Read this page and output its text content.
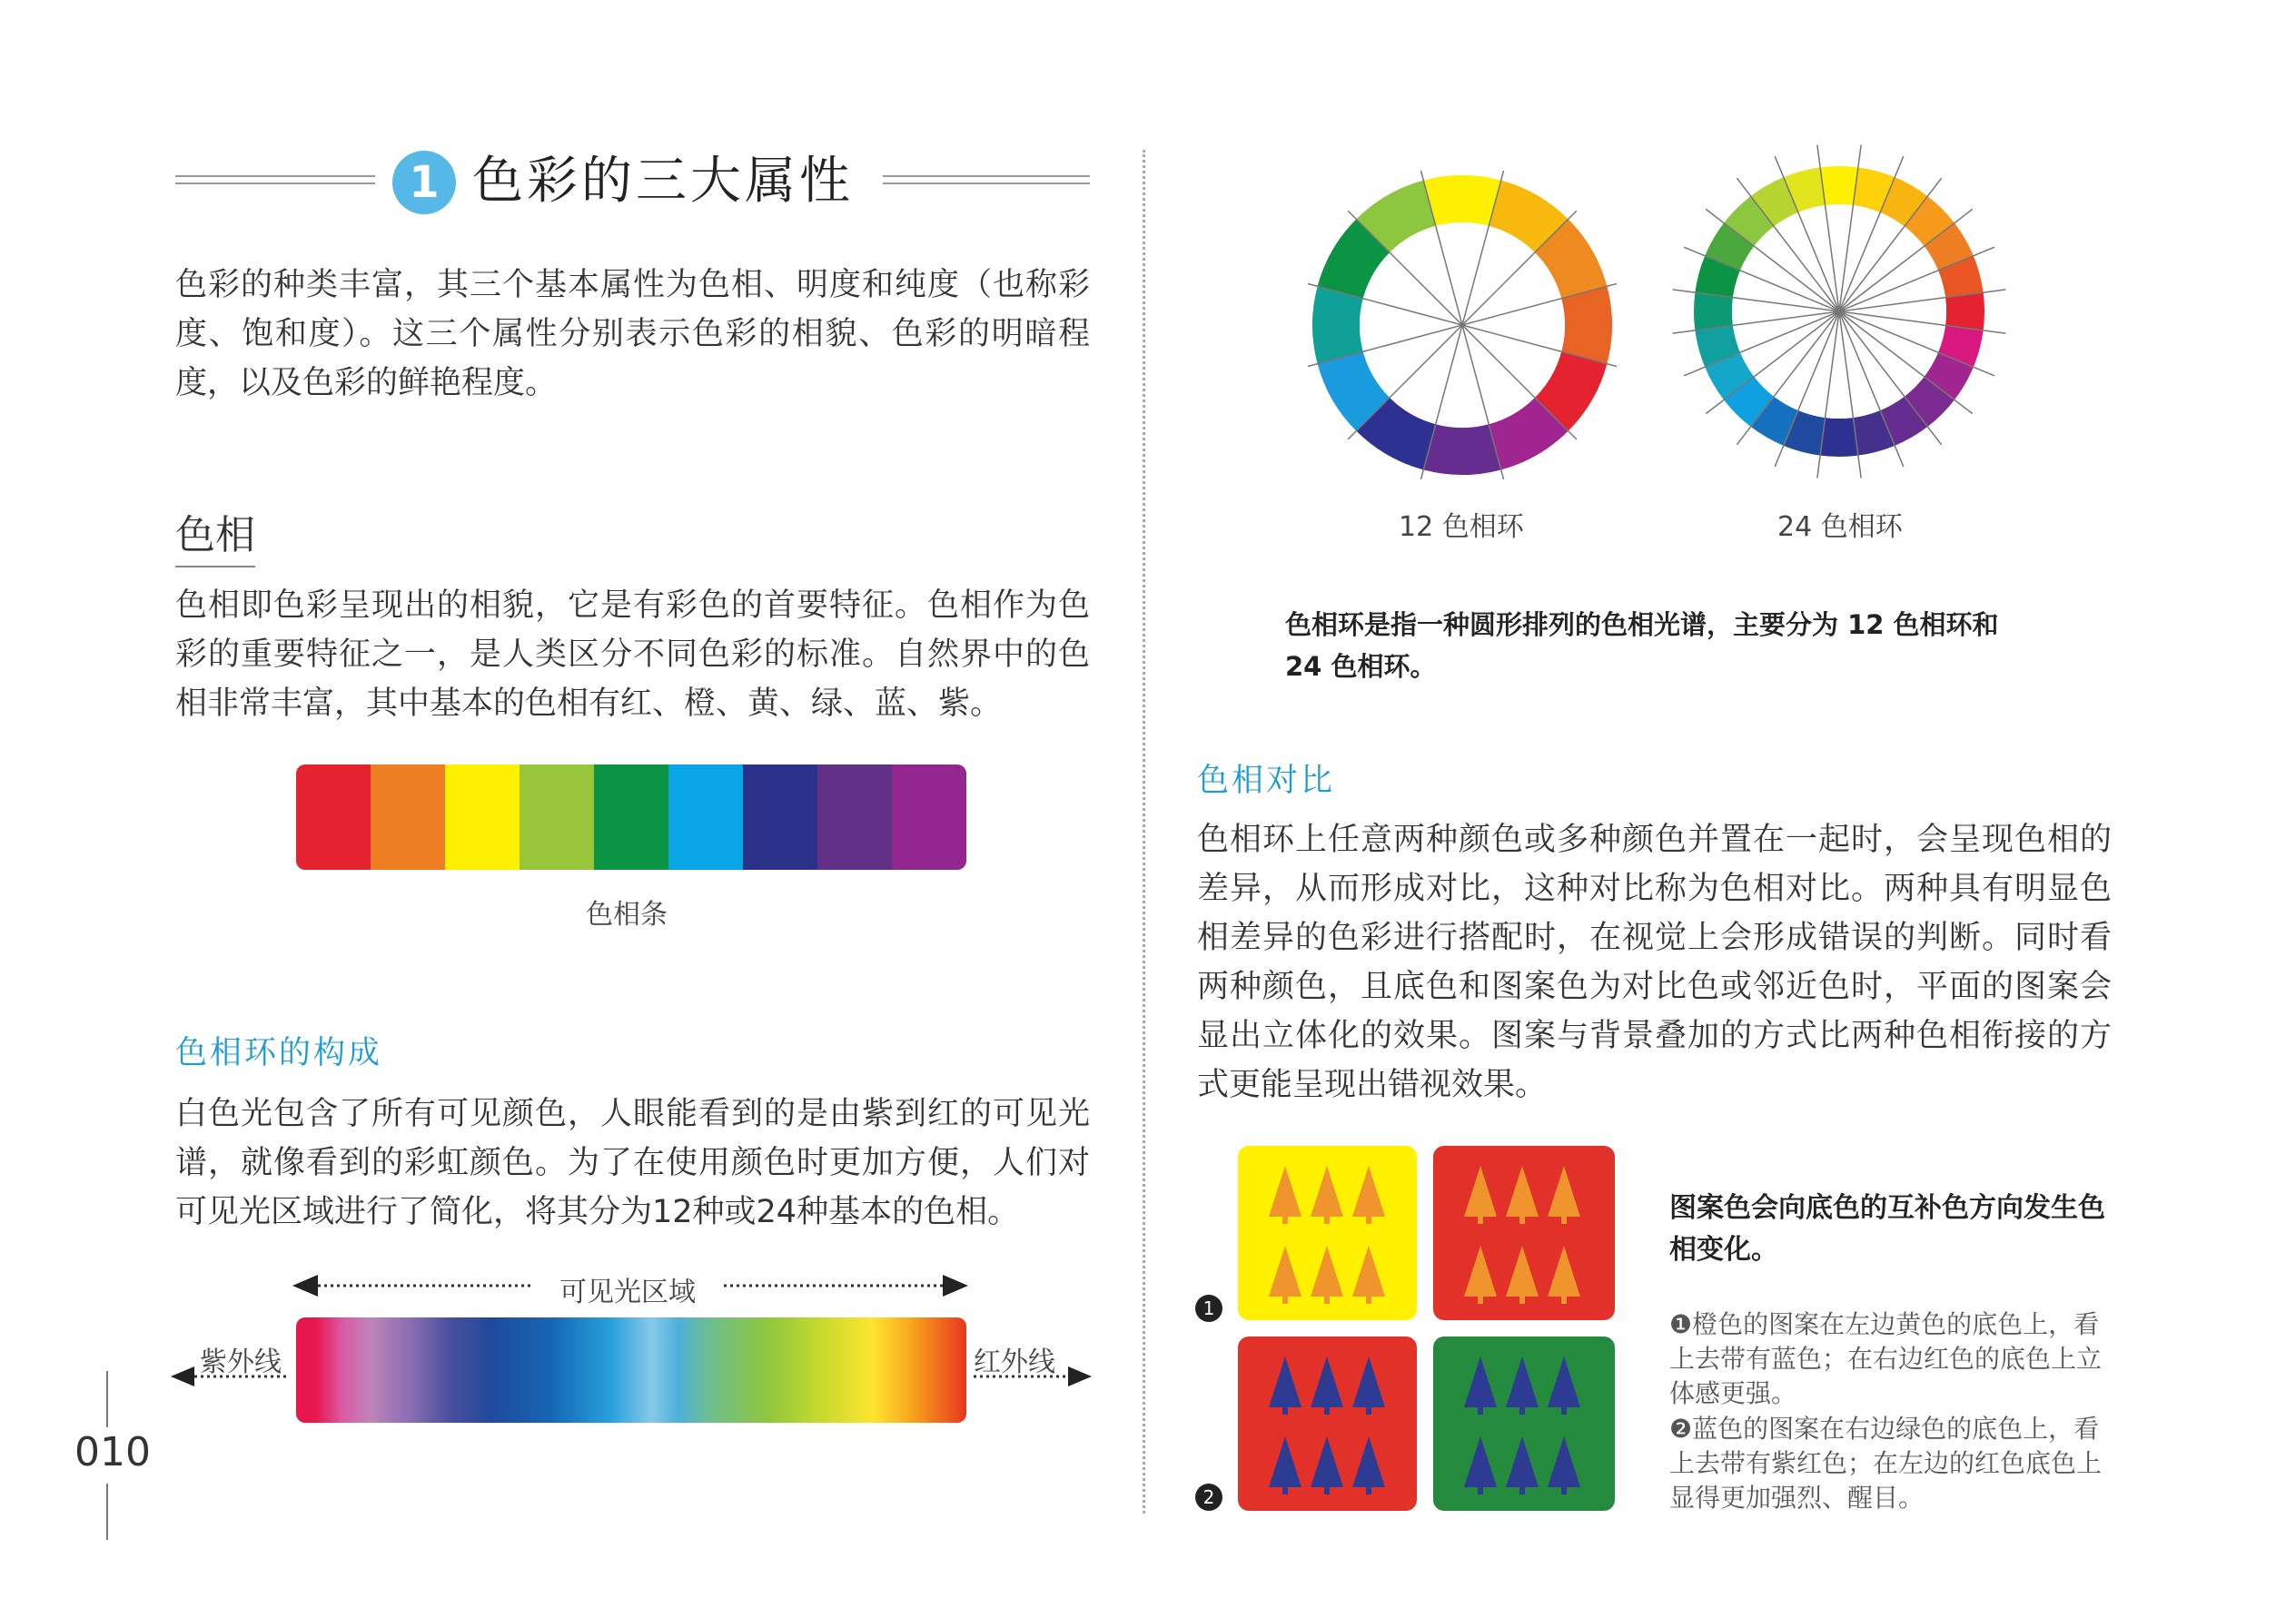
1 色彩的三大属性

色彩的种类丰富，其三个基本属性为色相、明度和纯度（也称彩度、饱和度）。这三个属性分别表示色彩的相貌、色彩的明暗程度，以及色彩的鲜艳程度。

色相

色相即色彩呈现出的相貌，它是有彩色的首要特征。色相作为色彩的重要特征之一，是人类区分不同色彩的标准。自然界中的色相非常丰富，其中基本的色相有红、橙、黄、绿、蓝、紫。

色相条
色相环的构成

白色光包含了所有可见颜色，人眼能看到的是由紫到红的可见光谱，就像看到的彩虹颜色。为了在使用颜色时更加方便，人们对可见光区域进行了简化，将其分为12种或24种基本的色相。

可见光区域
紫外线	红外线
010
12 色相环	24 色相环
色相环是指一种圆形排列的色相光谱，主要分为 12 色相环和 24 色相环。
色相对比

色相环上任意两种颜色或多种颜色并置在一起时，会呈现色相的差异，从而形成对比，这种对比称为色相对比。两种具有明显色相差异的色彩进行搭配时，在视觉上会形成错误的判断。同时看两种颜色，且底色和图案色为对比色或邻近色时，平面的图案会显出立体化的效果。图案与背景叠加的方式比两种色相衔接的方式更能呈现出错视效果。

1
2
图案色会向底色的互补色方向发生色相变化。
❶橙色的图案在左边黄色的底色上，看上去带有蓝色；在右边红色的底色上立体感更强。
❷蓝色的图案在右边绿色的底色上，看上去带有紫红色；在左边的红色底色上显得更加强烈、醒目。
